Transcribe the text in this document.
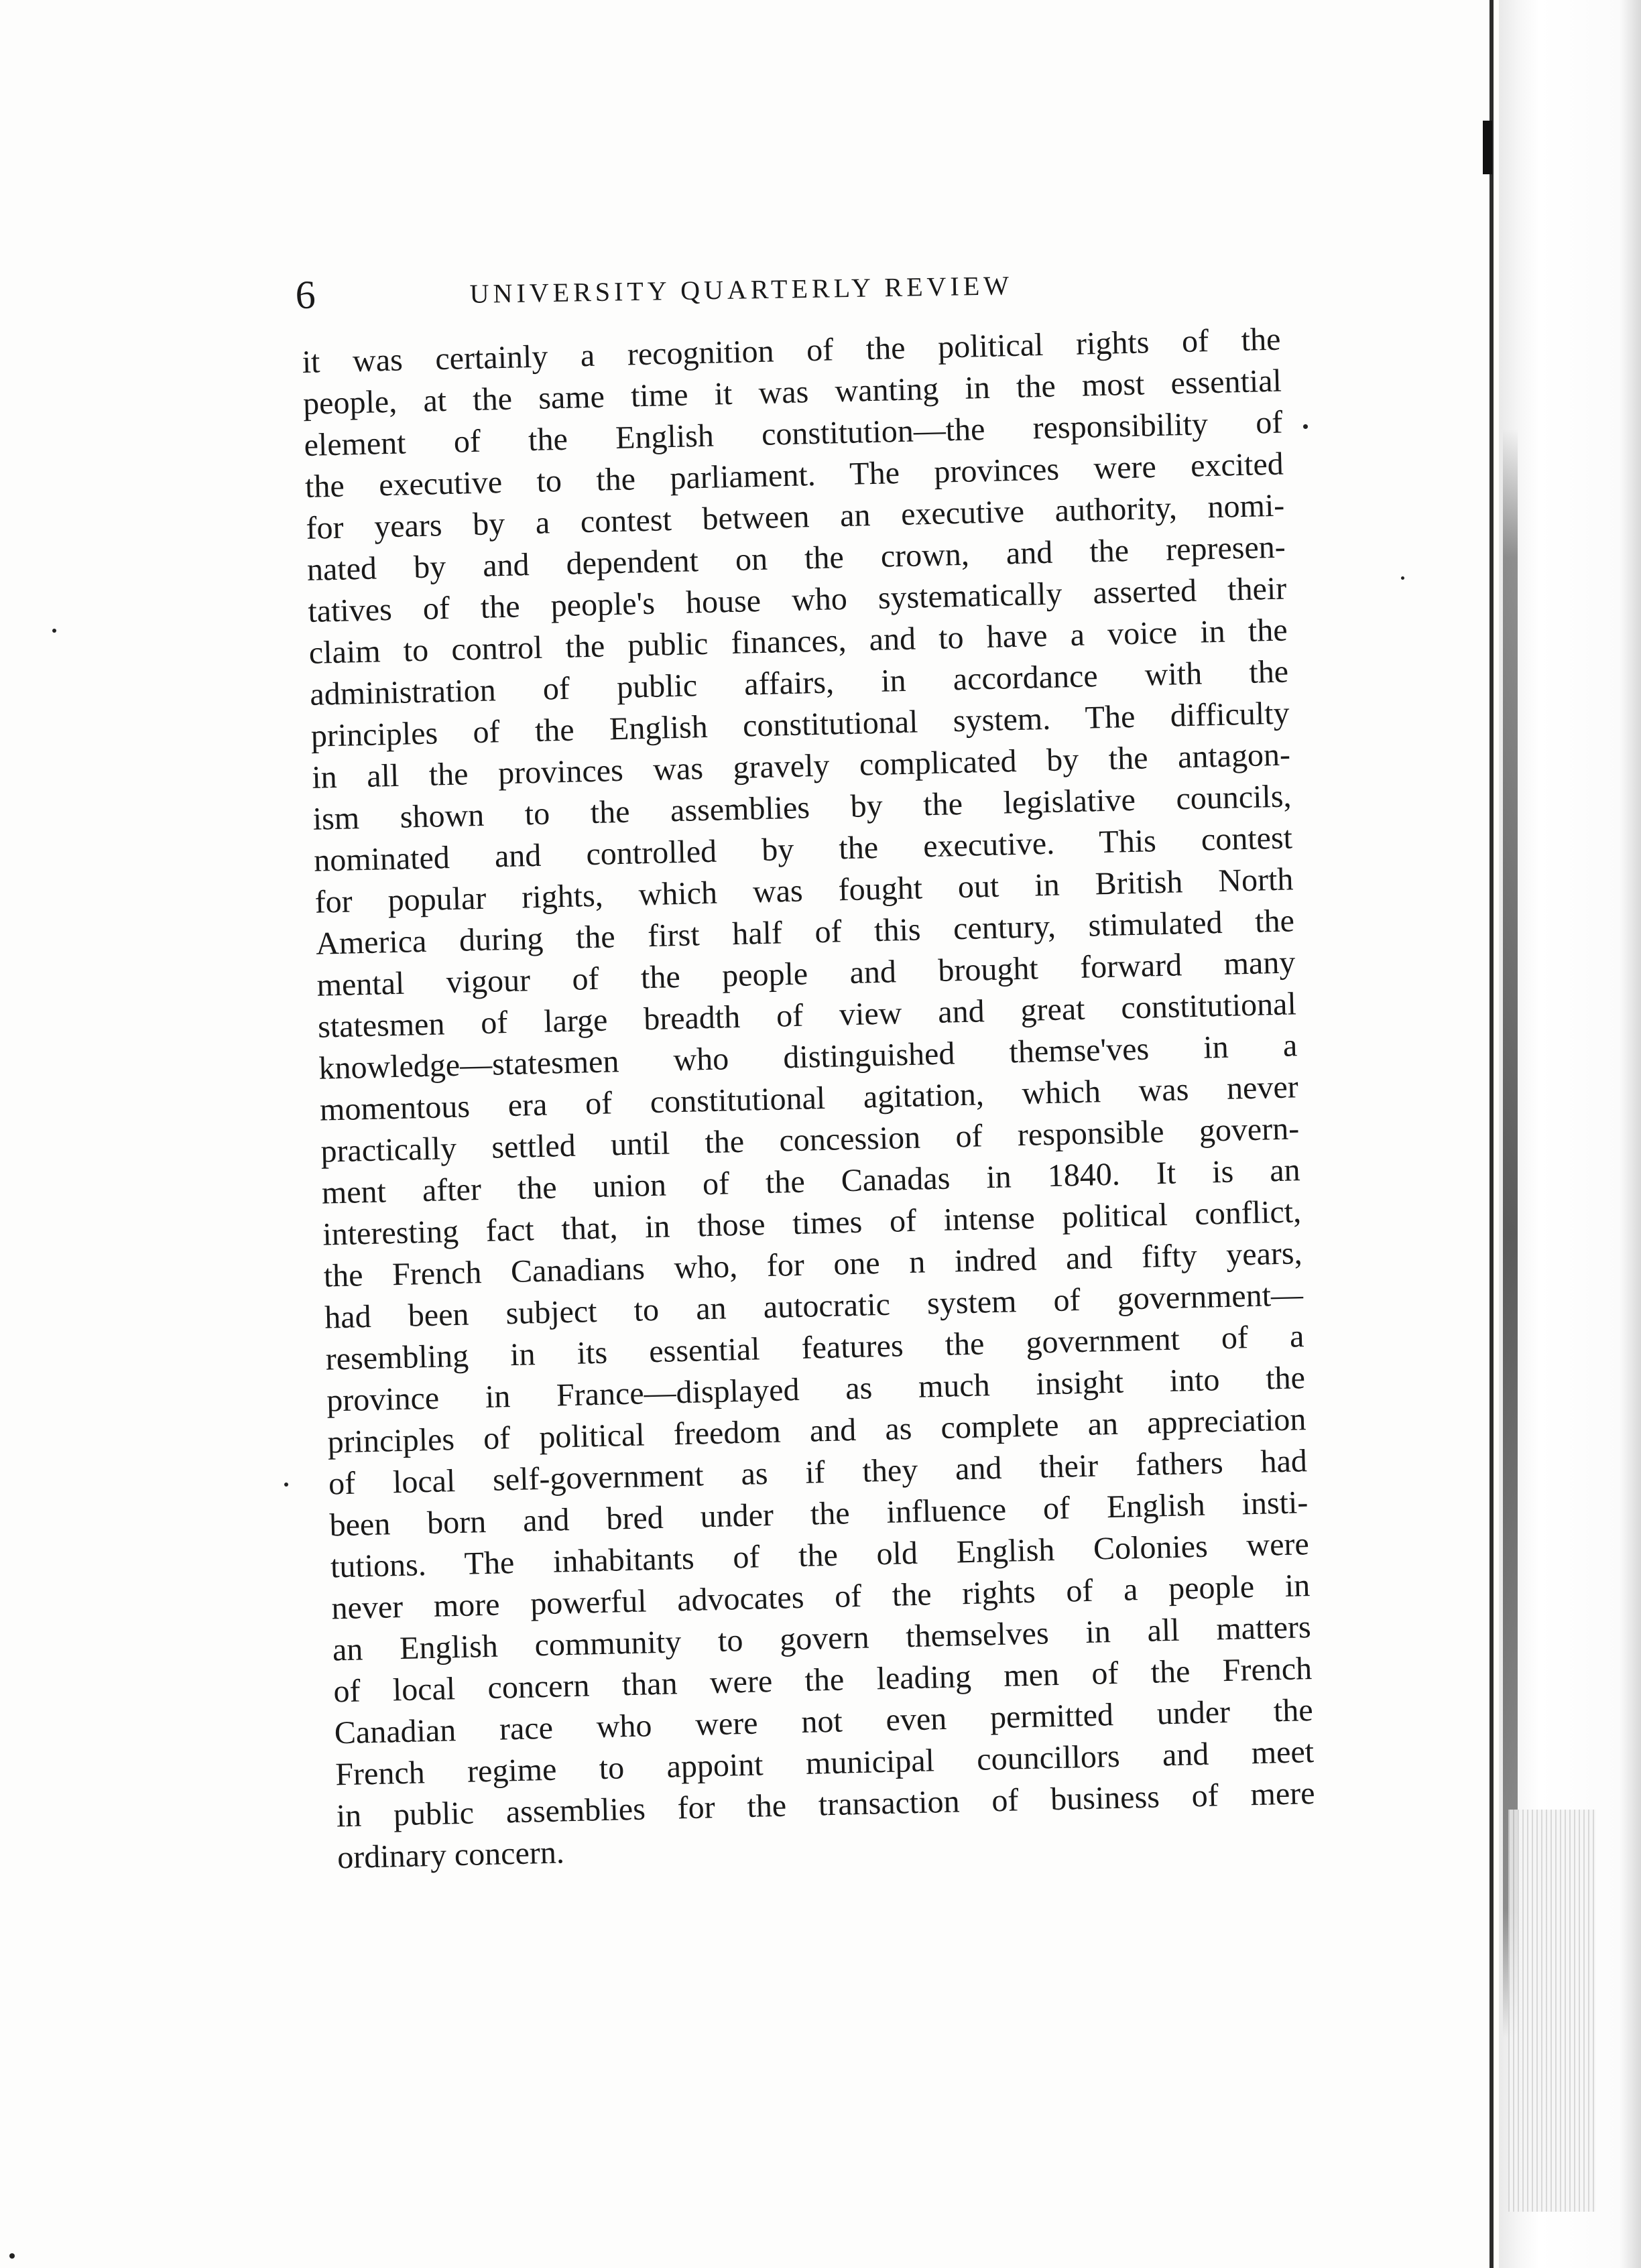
6	UNIVERSITY QUARTERLY REVIEW
it was certainly a recognition of the political rights of the
people, at the same time it was wanting in the most essential
element of the English constitution—the responsibility of
the executive to the parliament. The provinces were excited
for years by a contest between an executive authority, nomi-
nated by and dependent on the crown, and the represen-
tatives of the people's house who systematically asserted their
claim to control the public finances, and to have a voice in the
administration of public affairs, in accordance with the
principles of the English constitutional system. The difficulty
in all the provinces was gravely complicated by the antagon-
ism shown to the assemblies by the legislative councils,
nominated and controlled by the executive. This contest
for popular rights, which was fought out in British North
America during the first half of this century, stimulated the
mental vigour of the people and brought forward many
statesmen of large breadth of view and great constitutional
knowledge—statesmen who distinguished themse'ves in a
momentous era of constitutional agitation, which was never
practically settled until the concession of responsible govern-
ment after the union of the Canadas in 1840. It is an
interesting fact that, in those times of intense political conflict,
the French Canadians who, for one n indred and fifty years,
had been subject to an autocratic system of government—
resembling in its essential features the government of a
province in France—displayed as much insight into the
principles of political freedom and as complete an appreciation
of local self-government as if they and their fathers had
been born and bred under the influence of English insti-
tutions. The inhabitants of the old English Colonies were
never more powerful advocates of the rights of a people in
an English community to govern themselves in all matters
of local concern than were the leading men of the French
Canadian race who were not even permitted under the
French regime to appoint municipal councillors and meet
in public assemblies for the transaction of business of mere
ordinary concern.
